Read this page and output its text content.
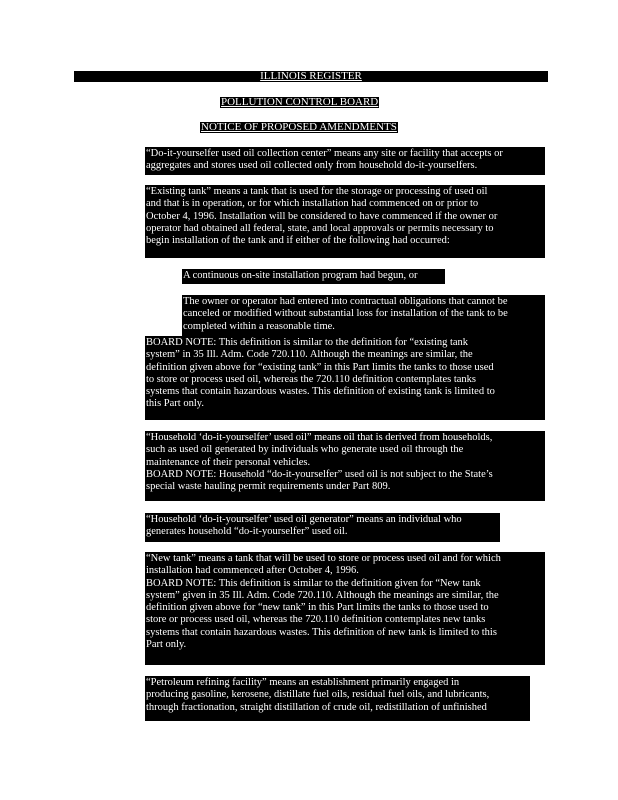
ILLINOIS REGISTER
POLLUTION CONTROL BOARD
NOTICE OF PROPOSED AMENDMENTS
“Do-it-yourselfer used oil collection center” means any site or facility that accepts or
aggregates and stores used oil collected only from household do-it-yourselfers.
“Existing tank” means a tank that is used for the storage or processing of used oil
and that is in operation, or for which installation had commenced on or prior to
October 4, 1996. Installation will be considered to have commenced if the owner or
operator had obtained all federal, state, and local approvals or permits necessary to
begin installation of the tank and if either of the following had occurred:
A continuous on-site installation program had begun, or
The owner or operator had entered into contractual obligations that cannot be
canceled or modified without substantial loss for installation of the tank to be
completed within a reasonable time.
BOARD NOTE: This definition is similar to the definition for “existing tank
system” in 35 Ill. Adm. Code 720.110. Although the meanings are similar, the
definition given above for “existing tank” in this Part limits the tanks to those used
to store or process used oil, whereas the 720.110 definition contemplates tanks
systems that contain hazardous wastes. This definition of existing tank is limited to
this Part only.
“Household ‘do-it-yourselfer’ used oil” means oil that is derived from households,
such as used oil generated by individuals who generate used oil through the
maintenance of their personal vehicles.
BOARD NOTE: Household “do-it-yourselfer” used oil is not subject to the State’s
special waste hauling permit requirements under Part 809.
“Household ‘do-it-yourselfer’ used oil generator” means an individual who
generates household “do-it-yourselfer” used oil.
“New tank” means a tank that will be used to store or process used oil and for which
installation had commenced after October 4, 1996.
BOARD NOTE: This definition is similar to the definition given for “New tank
system” given in 35 Ill. Adm. Code 720.110. Although the meanings are similar, the
definition given above for “new tank” in this Part limits the tanks to those used to
store or process used oil, whereas the 720.110 definition contemplates new tanks
systems that contain hazardous wastes. This definition of new tank is limited to this
Part only.
“Petroleum refining facility” means an establishment primarily engaged in
producing gasoline, kerosene, distillate fuel oils, residual fuel oils, and lubricants,
through fractionation, straight distillation of crude oil, redistillation of unfinished
